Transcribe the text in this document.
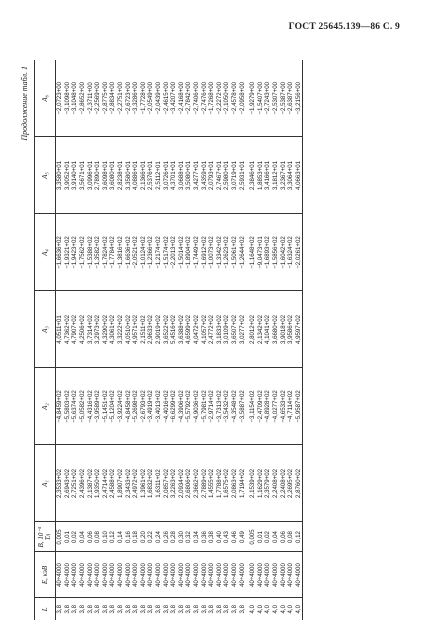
ГОСТ 25645.139—86 С. 9
Продолжение табл. 1
L	E, кэВ	B, 10⁻⁵ Тл	A₁	A₂	A₃	A₄	A₅	A₆
3,8	40÷4000	0,005	2,3533+02	−4,8459+02	4,0511+01	−1,6636+02	3,3580+01	−2,0723+00
3,8	40÷4000	0,01	2,6943+02	−5,5803+02	4,7362+02	−1,9321+02	3,9052+01	−3,1098+00
3,8	40÷4000	0,02	2,7251+02	−5,6374+02	4,7907+02	−1,9423+02	3,9140+01	−3,1048+00
3,8	40÷4000	0,04	2,4396+02	−5,0582+02	4,2506+02	−1,7562+02	3,5671+01	−2,8652+00
3,8	40÷4000	0,06	2,1387+02	−4,4316+02	3,7314+02	−1,5388+02	3,0996+01	−2,3711+00
3,8	40÷4000	0,08	1,9350+02	−3,9589+02	3,2973+02	−1,3582+02	2,7890+01	−2,2569+00
3,8	40÷4000	0,10	2,4714+02	−5,1451+02	4,3290+02	−1,7824+02	3,6098+01	−2,8775+00
3,8	40÷4000	0,12	2,4588+02	−5,1204+02	4,3061+02	−1,7784+02	3,6080+01	−2,8834+00
3,8	40÷4000	0,14	1,8907+02	−3,9224+02	3,3222+02	−1,3816+02	2,8238+01	−2,2751+00
3,8	40÷4000	0,16	2,3433+02	−4,8458+02	4,0510+02	−1,6636+02	3,3580+01	−2,6723+00
3,8	40÷4000	0,18	2,4972+02	−5,2698+02	4,9571+02	−2,0521+02	4,0886+01	−3,3286+00
3,8	40÷4000	0,20	1,3961+02	−2,6793+02	2,1511+02	−1,0124+02	2,1366+01	−1,7728+00
3,8	40÷4000	0,22	1,6832+02	−3,4919+02	2,9633+02	−1,2366+02	2,5376+01	−2,0549+00
3,8	40÷4000	0,24	1,6311+02	−3,4013+02	2,9019+02	−1,2174+02	2,5112+01	−2,0439+00
3,8	40÷4000	0,26	2,0857+02	−4,4016+02	3,6522+02	−1,5174+02	3,0726+01	−2,4615+00
3,8	40÷4000	0,28	3,2263+02	−6,6299+02	5,4516+02	−2,2013+02	4,3701+01	−3,4207+00
3,8	40÷4000	0,30	2,0934+02	−4,3906+02	3,6388+02	−1,5014+02	3,0688+01	−2,4168+00
3,8	40÷4000	0,32	2,6806+02	−5,5792+02	4,6599+02	−1,8904+02	3,5080+01	−2,7842+00
3,8	40÷4000	0,34	2,3662+02	−4,9036+02	4,0472+02	−1,7449+02	3,4277+01	−2,7406+00
3,8	40÷4000	0,36	2,7889+02	−5,7981+02	4,1057+02	−1,6912+02	3,4359+01	−2,7476+00
3,8	40÷4000	0,38	1,4555+02	−2,9714+02	2,4772+02	−1,0073+02	2,0793+01	−1,7268+00
3,8	40÷4000	0,40	1,7788+02	−3,7313+02	3,1833+02	−1,3342+02	2,7467+01	−2,2272+00
3,8	40÷4000	0,43	1,6575+02	−3,5432+02	3,0109+02	−1,2623+02	2,5980+01	−2,1050+00
3,8	40÷4000	0,46	2,0863+02	−4,3548+02	3,6507+02	−1,5061+02	3,0719+01	−2,4578+00
3,8	40÷4000	0,49	1,7194+02	−3,5887+02	3,0277+02	−1,2644+02	2,5931+01	−2,0958+00
4,0	40÷4000	0,005	2,1539+02	−3,1154+02	2,8012+02	−1,1648+02	2,3846+01	−1,9279+00
4,0	40÷4000	0,01	1,1629+02	−2,4709+02	2,1342+02	−9,0473+01	1,8853+01	−1,5407+00
4,0	40÷4000	0,02	2,3579+02	−4,8928+02	4,1041+02	−1,6893+02	3,4166+01	−2,7243+00
4,0	40÷4000	0,04	2,2408+02	−4,0277+02	3,6680+02	−1,5856+02	3,1812+01	−2,5307+00
4,0	40÷4000	0,06	2,2408+02	−4,6533+02	3,9018+02	−1,6042+02	3,2367+01	−2,5387+00
4,0	40÷4000	0,08	2,2695+02	−4,7114+02	3,9586+02	−1,6324+02	3,3064+01	−2,6387+00
4,0	40÷4000	0,12	2,8760+02	−5,9587+02	4,9597+02	−2,0261+02	4,0663+01	−3,2156+00
